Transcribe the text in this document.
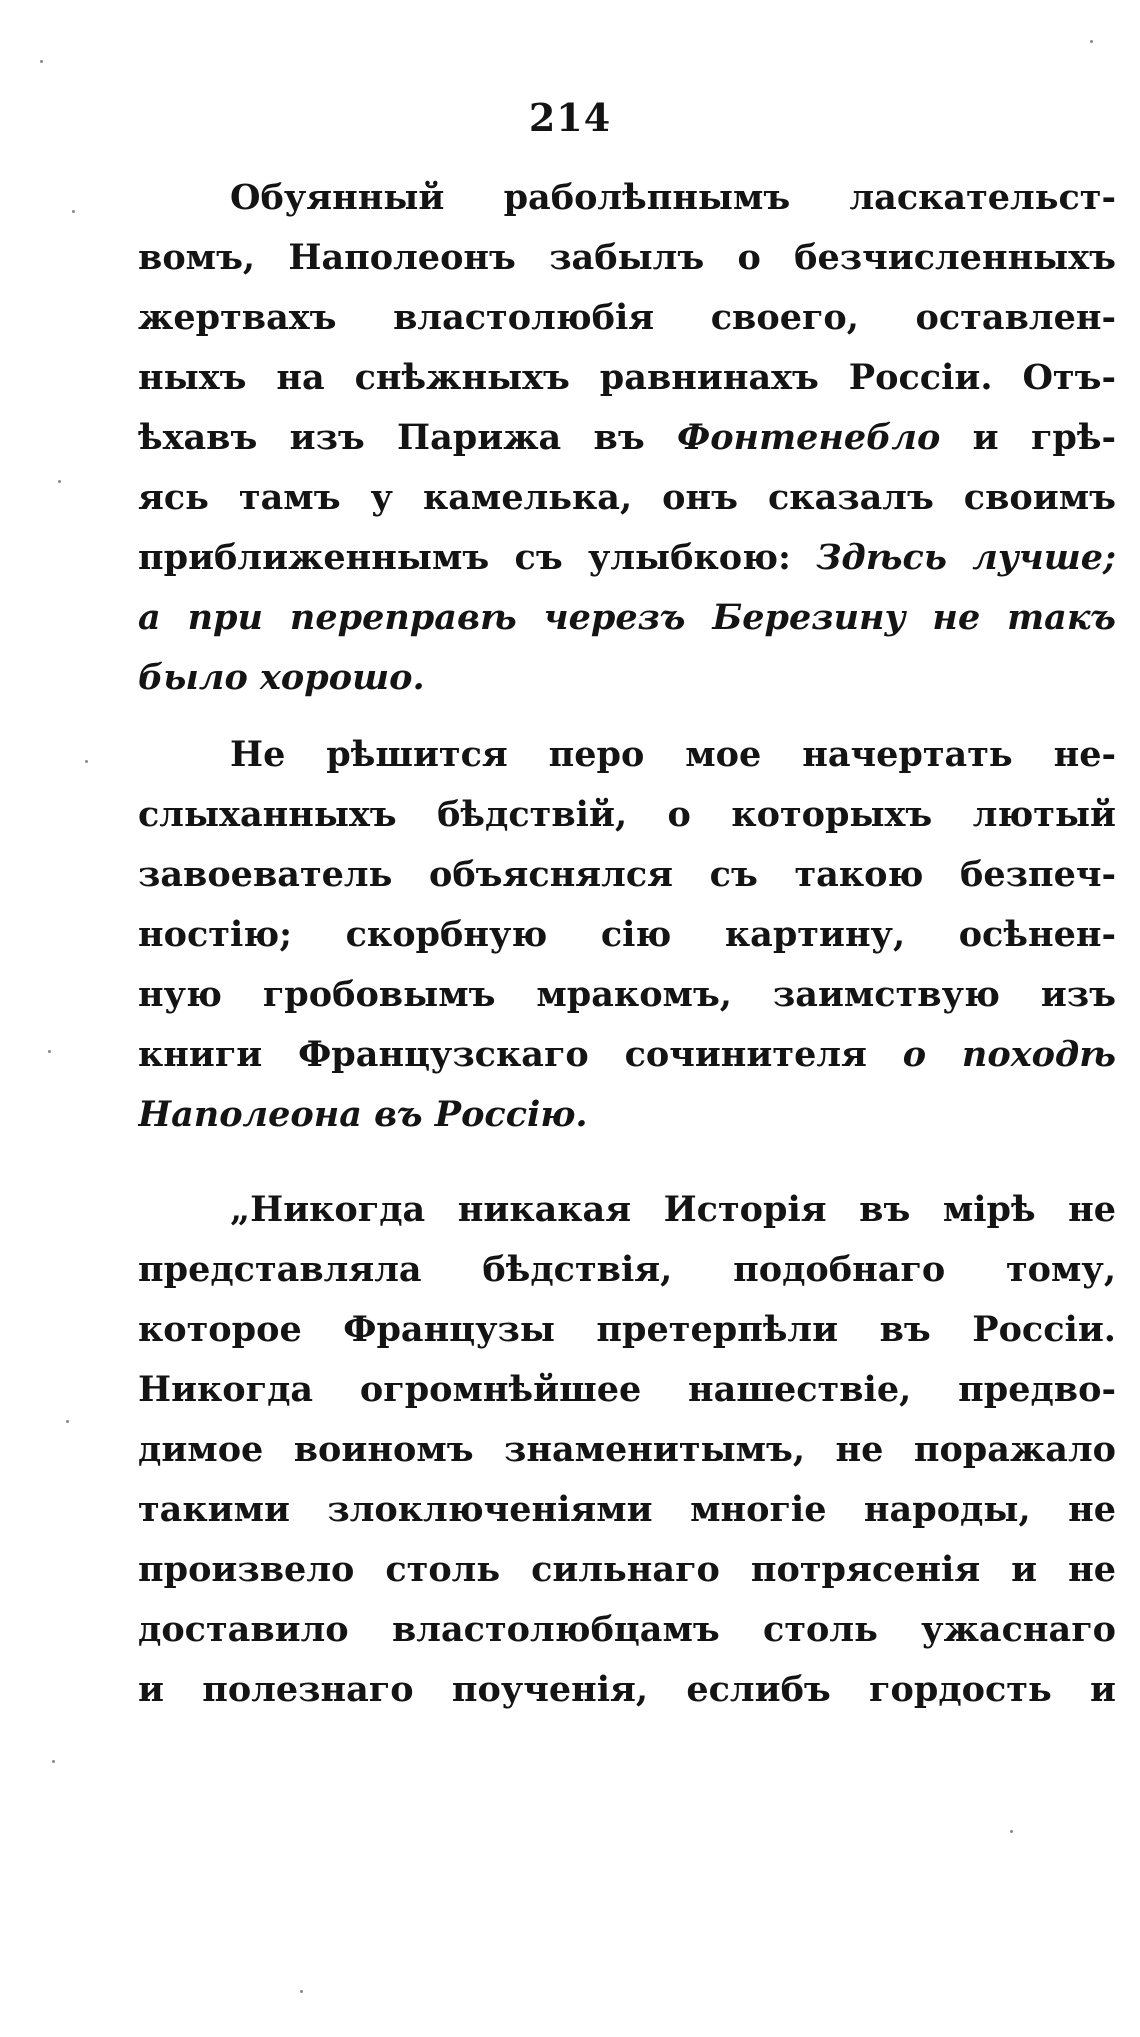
214
Обуянный раболѣпнымъ ласкательст-
вомъ, Наполеонъ забылъ о безчисленныхъ
жертвахъ властолюбія своего, оставлен-
ныхъ на снѣжныхъ равнинахъ Россіи. Отъ-
ѣхавъ изъ Парижа въ Фонтенебло и грѣ-
ясь тамъ у камелька, онъ сказалъ своимъ
приближеннымъ съ улыбкою: Здѣсь лучше;
а при переправѣ черезъ Березину не такъ
было хорошо.
Не рѣшится перо мое начертать не-
слыханныхъ бѣдствій, о которыхъ лютый
завоеватель объяснялся съ такою безпеч-
ностію; скорбную сію картину, осѣнен-
ную гробовымъ мракомъ, заимствую изъ
книги Французскаго сочинителя о походѣ
Наполеона въ Россію.
„Никогда никакая Исторія въ мірѣ не
представляла бѣдствія, подобнаго тому,
которое Французы претерпѣли въ Россіи.
Никогда огромнѣйшее нашествіе, предво-
димое воиномъ знаменитымъ, не поражало
такими злоключеніями многіе народы, не
произвело столь сильнаго потрясенія и не
доставило властолюбцамъ столь ужаснаго
и полезнаго поученія, еслибъ гордость и
